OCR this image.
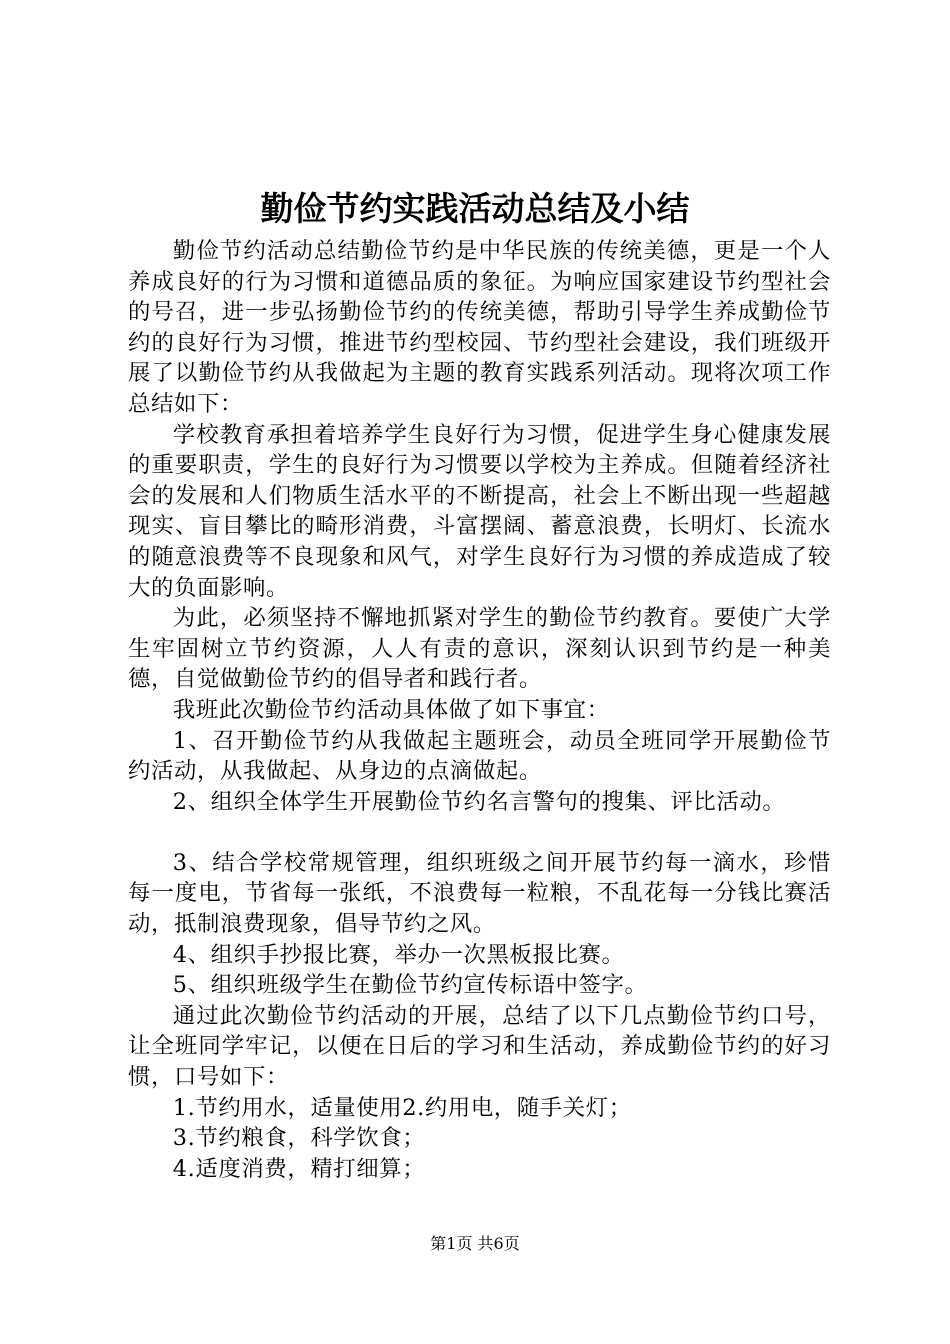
勤俭节约实践活动总结及小结

勤俭节约活动总结勤俭节约是中华民族的传统美德，更是一个人养成良好的行为习惯和道德品质的象征。为响应国家建设节约型社会的号召，进一步弘扬勤俭节约的传统美德，帮助引导学生养成勤俭节约的良好行为习惯，推进节约型校园、节约型社会建设，我们班级开展了以勤俭节约从我做起为主题的教育实践系列活动。现将次项工作总结如下：

学校教育承担着培养学生良好行为习惯，促进学生身心健康发展的重要职责，学生的良好行为习惯要以学校为主养成。但随着经济社会的发展和人们物质生活水平的不断提高，社会上不断出现一些超越现实、盲目攀比的畸形消费，斗富摆阔、蓄意浪费，长明灯、长流水的随意浪费等不良现象和风气，对学生良好行为习惯的养成造成了较大的负面影响。

为此，必须坚持不懈地抓紧对学生的勤俭节约教育。要使广大学生牢固树立节约资源，人人有责的意识，深刻认识到节约是一种美德，自觉做勤俭节约的倡导者和践行者。

我班此次勤俭节约活动具体做了如下事宜：

1、召开勤俭节约从我做起主题班会，动员全班同学开展勤俭节约活动，从我做起、从身边的点滴做起。

2、组织全体学生开展勤俭节约名言警句的搜集、评比活动。

3、结合学校常规管理，组织班级之间开展节约每一滴水，珍惜每一度电，节省每一张纸，不浪费每一粒粮，不乱花每一分钱比赛活动，抵制浪费现象，倡导节约之风。

4、组织手抄报比赛，举办一次黑板报比赛。

5、组织班级学生在勤俭节约宣传标语中签字。

通过此次勤俭节约活动的开展，总结了以下几点勤俭节约口号，让全班同学牢记，以便在日后的学习和生活动，养成勤俭节约的好习惯，口号如下：

1.节约用水，适量使用2.约用电，随手关灯；

3.节约粮食，科学饮食；

4.适度消费，精打细算；

第1页 共6页
